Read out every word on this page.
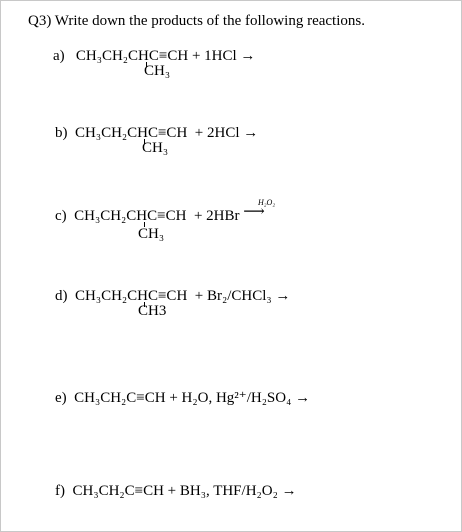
Q3) Write down the products of the following reactions.
a) CH₃CH₂CHC≡CH + 1HCl →
CH₃
b) CH₃CH₂CHC≡CH  + 2HCl →
CH₃
c) CH₃CH₂CHC≡CH  + 2HBr ⟶
H₂O₂
CH₃
d) CH₃CH₂CHC≡CH  + Br₂/CHCl₃ →
CH3
e) CH₃CH₂C≡CH + H₂O, Hg²⁺/H₂SO₄ →
f) CH₃CH₂C≡CH + BH₃, THF/H₂O₂ →
